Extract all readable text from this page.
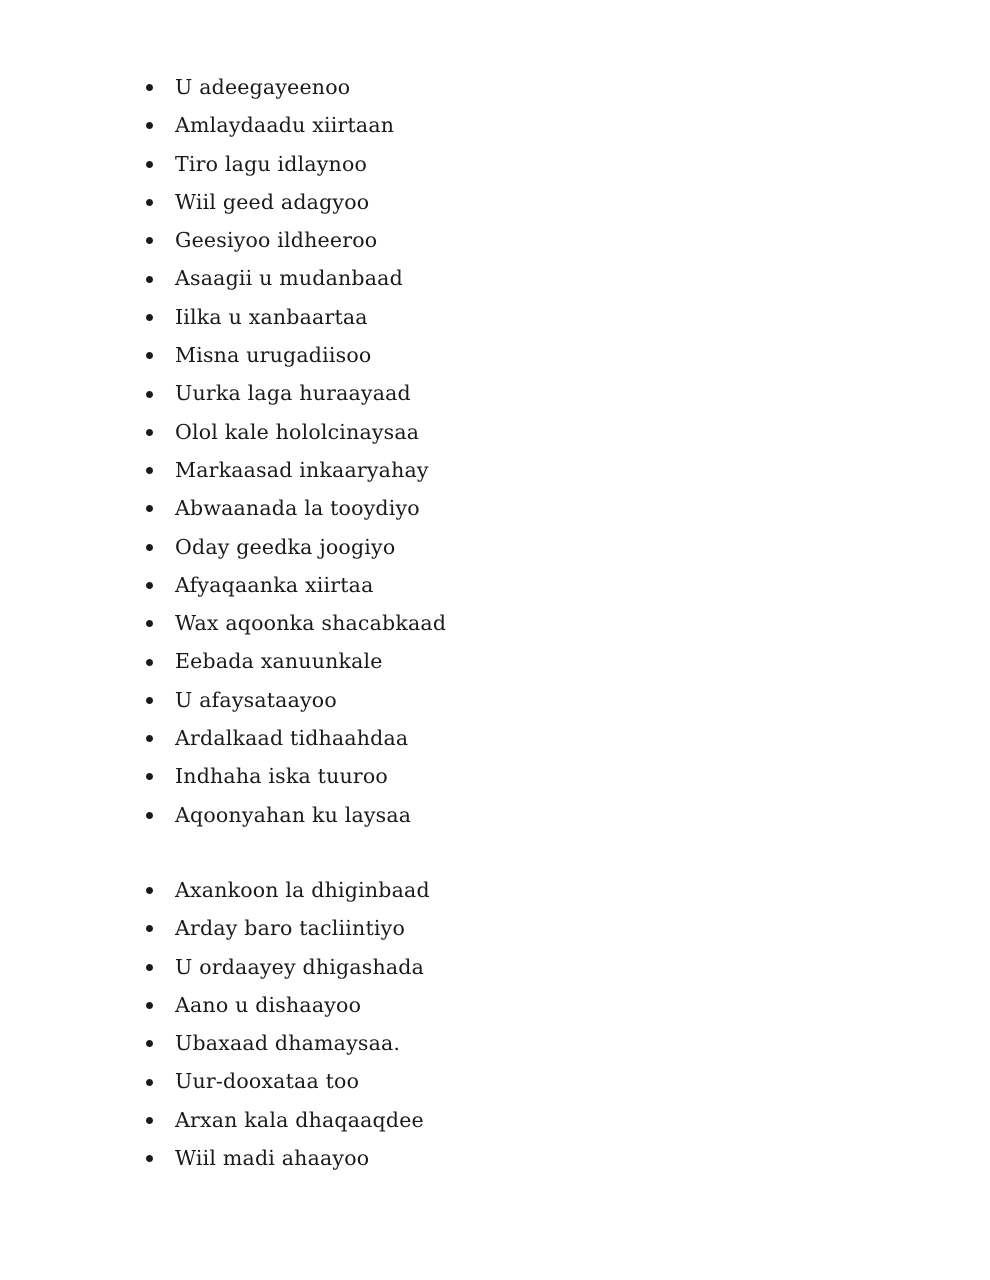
U adeegayeenoo
Amlaydaadu xiirtaan
Tiro lagu idlaynoo
Wiil geed adagyoo
Geesiyoo ildheeroo
Asaagii u mudanbaad
Iilka u xanbaartaa
Misna urugadiisoo
Uurka laga huraayaad
Olol kale hololcinaysaa
Markaasad inkaaryahay
Abwaanada la tooydiyo
Oday geedka joogiyo
Afyaqaanka xiirtaa
Wax aqoonka shacabkaad
Eebada xanuunkale
U afaysataayoo
Ardalkaad tidhaahdaa
Indhaha iska tuuroo
Aqoonyahan ku laysaa
Axankoon la dhiginbaad
Arday baro tacliintiyo
U ordaayey dhigashada
Aano u dishaayoo
Ubaxaad dhamaysaa.
Uur-dooxataa too
Arxan kala dhaqaaqdee
Wiil madi ahaayoo
